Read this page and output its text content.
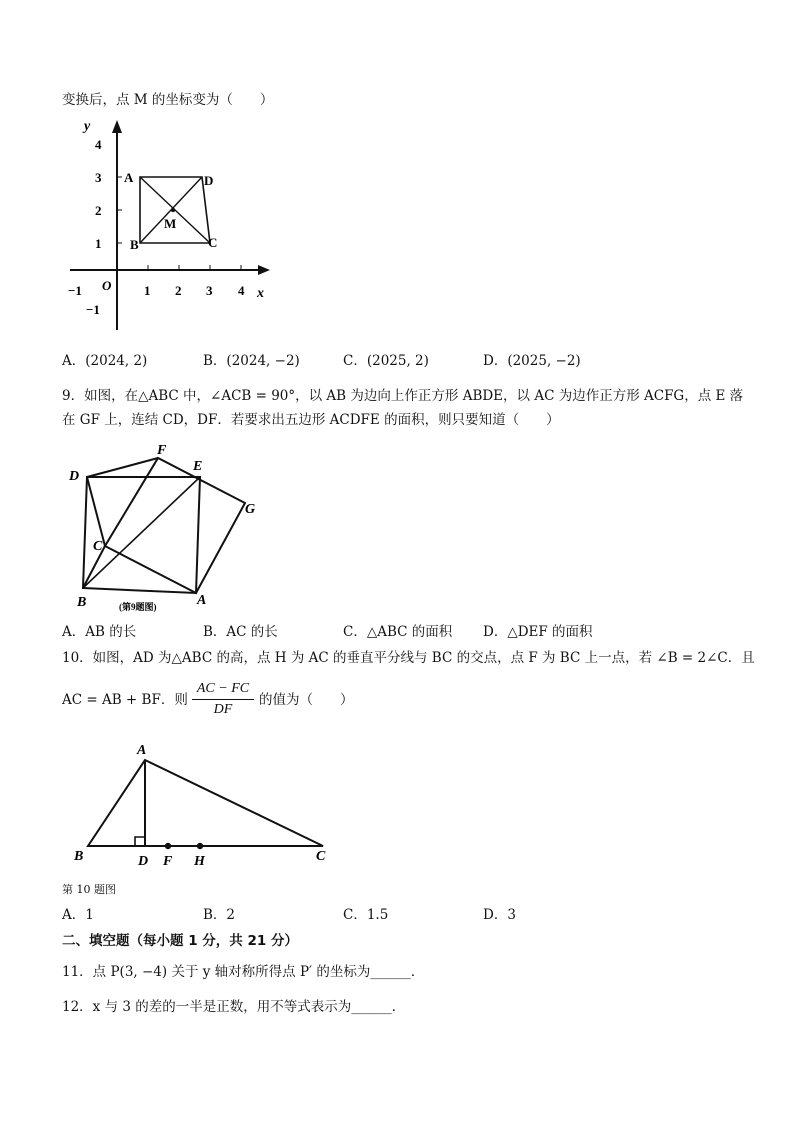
变换后，点 M 的坐标变为（　　）
−1 O	1 2 3 4 x
−1
1
2
3
4
y
A	D
B	C
M
A．(2024, 2)	B．(2024, −2)	C．(2025, 2)	D．(2025, −2)
9．如图，在△ABC 中，∠ACB = 90°，以 AB 为边向上作正方形 ABDE，以 AC 为边作正方形 ACFG，点 E 落
在 GF 上，连结 CD，DF．若要求出五边形 ACDFE 的面积，则只要知道（　　）
F
D
E
G
C
B	A
(第9题图)
A．AB 的长	B．AC 的长	C．△ABC 的面积 D．△DEF 的面积
10．如图，AD 为△ABC 的高，点 H 为 AC 的垂直平分线与 BC 的交点，点 F 为 BC 上一点，若 ∠B = 2∠C．且
AC = AB + BF．则
AC − FC
DF
的值为（　　）
A
B	D F H	C
第 10 题图
A．1	B．2	C．1.5	D．3
二、填空题（每小题 1 分，共 21 分）
11．点 P(3, −4) 关于 y 轴对称所得点 P′ 的坐标为______．
12．x 与 3 的差的一半是正数，用不等式表示为______．
